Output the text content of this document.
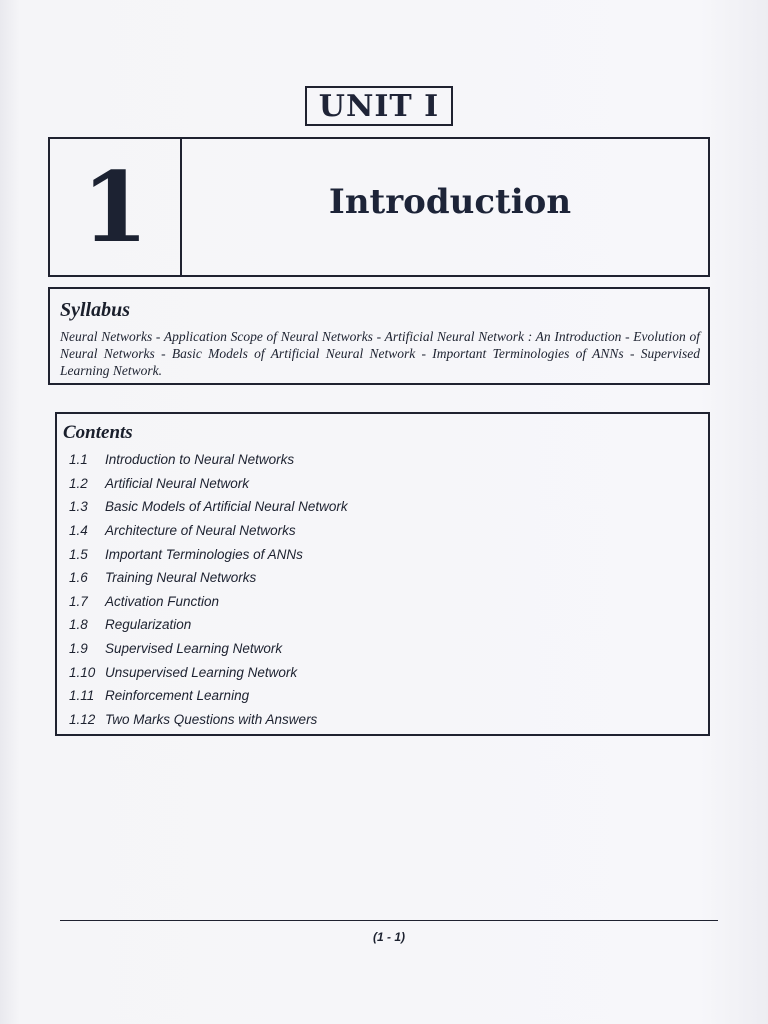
UNIT I
1	Introduction
Syllabus

Neural Networks - Application Scope of Neural Networks - Artificial Neural Network : An Introduction - Evolution of Neural Networks - Basic Models of Artificial Neural Network - Important Terminologies of ANNs - Supervised Learning Network.

Contents
1.1	Introduction to Neural Networks
1.2	Artificial Neural Network
1.3	Basic Models of Artificial Neural Network
1.4	Architecture of Neural Networks
1.5	Important Terminologies of ANNs
1.6	Training Neural Networks
1.7	Activation Function
1.8	Regularization
1.9	Supervised Learning Network
1.10 Unsupervised Learning Network
1.11 Reinforcement Learning
1.12 Two Marks Questions with Answers
(1 - 1)
